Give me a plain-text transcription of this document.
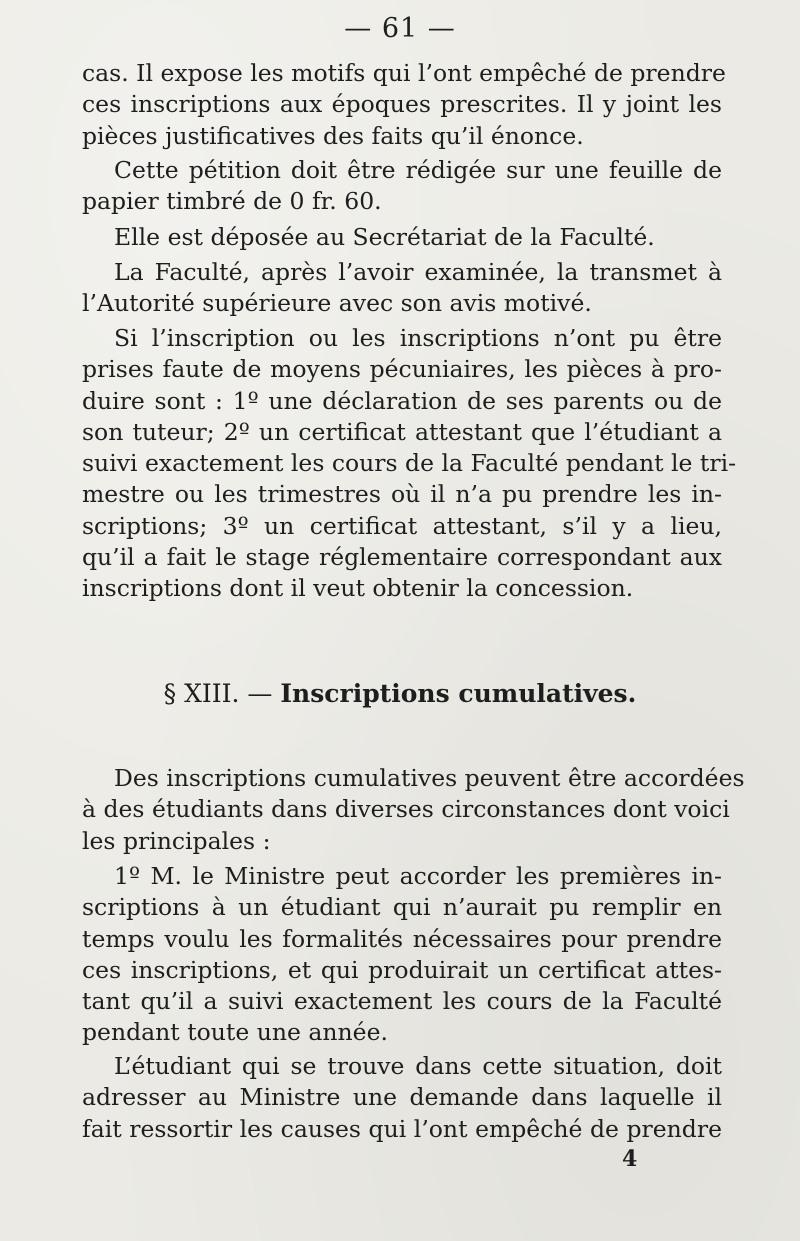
— 61 —

cas. Il expose les motifs qui l’ont empêché de prendre
ces inscriptions aux époques prescrites. Il y joint les
pièces justificatives des faits qu’il énonce.

Cette pétition doit être rédigée sur une feuille de
papier timbré de 0 fr. 60.

Elle est déposée au Secrétariat de la Faculté.

La Faculté, après l’avoir examinée, la transmet à
l’Autorité supérieure avec son avis motivé.

Si l’inscription ou les inscriptions n’ont pu être
prises faute de moyens pécuniaires, les pièces à pro-
duire sont : 1º une déclaration de ses parents ou de
son tuteur; 2º un certificat attestant que l’étudiant a
suivi exactement les cours de la Faculté pendant le tri-
mestre ou les trimestres où il n’a pu prendre les in-
scriptions; 3º un certificat attestant, s’il y a lieu,
qu’il a fait le stage réglementaire correspondant aux
inscriptions dont il veut obtenir la concession.

§ XIII. — Inscriptions cumulatives.

Des inscriptions cumulatives peuvent être accordées
à des étudiants dans diverses circonstances dont voici
les principales :

1º M. le Ministre peut accorder les premières in-
scriptions à un étudiant qui n’aurait pu remplir en
temps voulu les formalités nécessaires pour prendre
ces inscriptions, et qui produirait un certificat attes-
tant qu’il a suivi exactement les cours de la Faculté
pendant toute une année.

L’étudiant qui se trouve dans cette situation, doit
adresser au Ministre une demande dans laquelle il
fait ressortir les causes qui l’ont empêché de prendre

4
